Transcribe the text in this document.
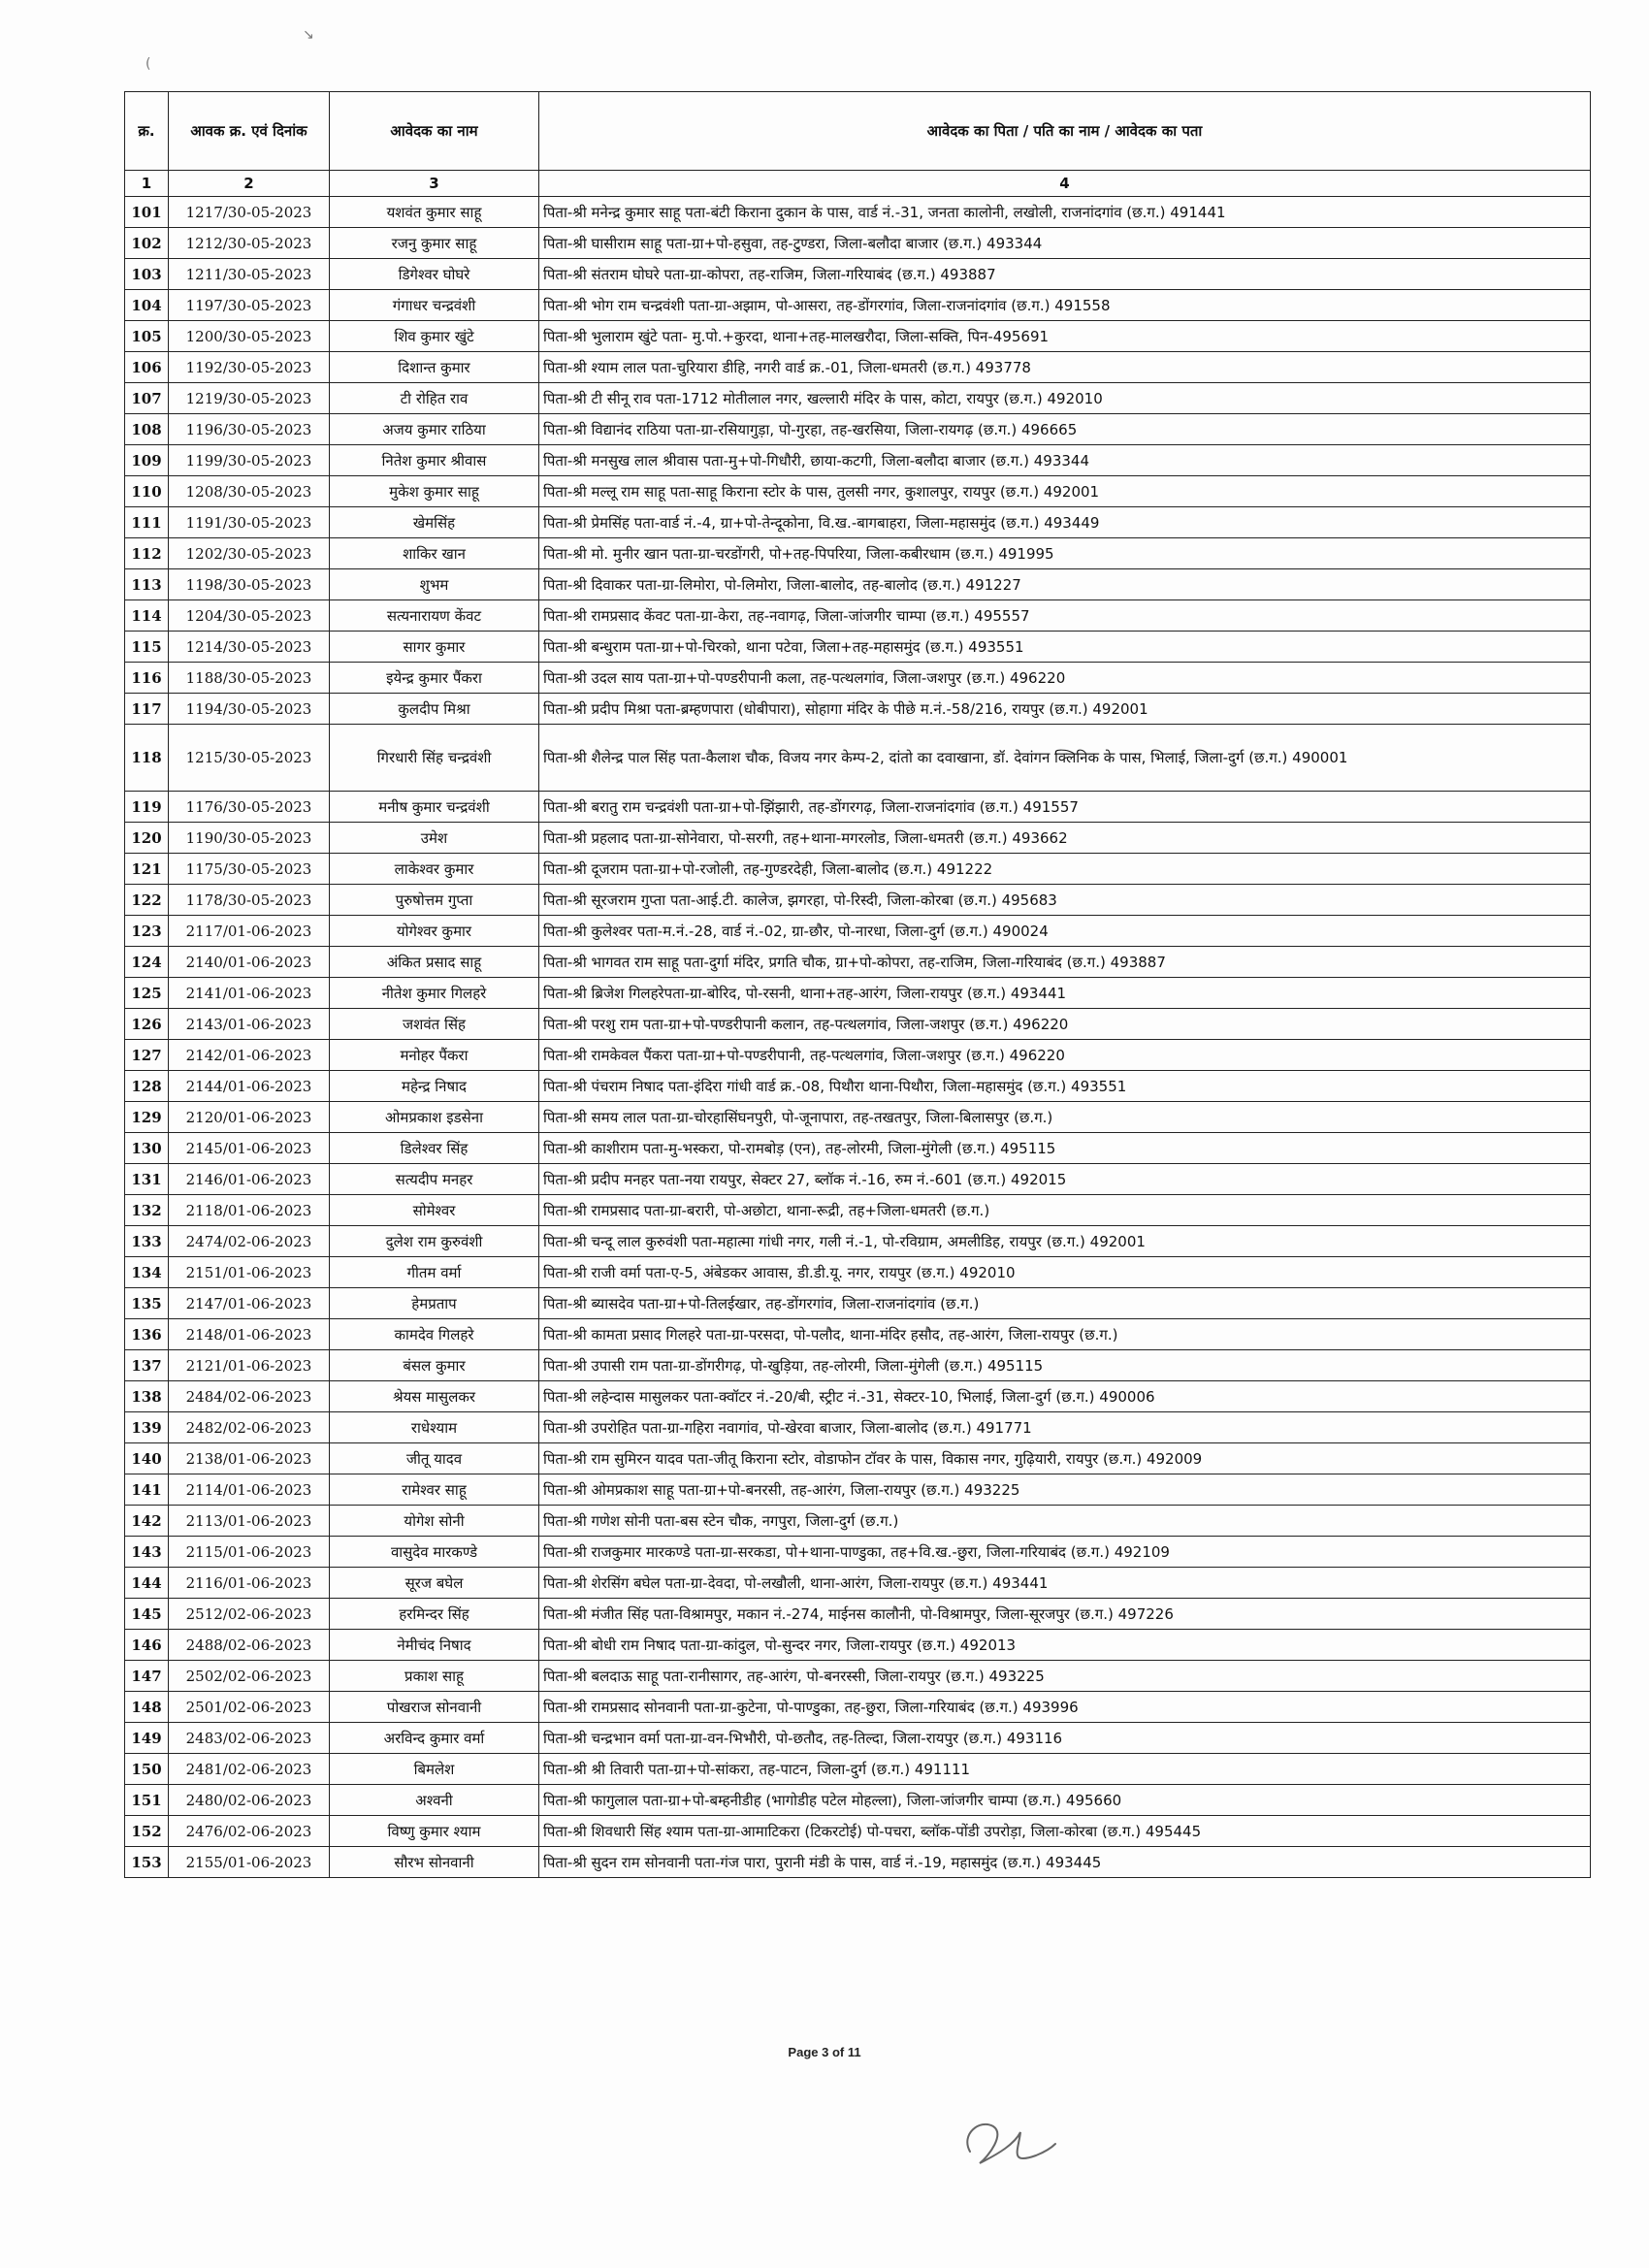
↘
(
क्र.	आवक क्र. एवं दिनांक	आवेदक का नाम	आवेदक का पिता / पति का नाम / आवेदक का पता
1	2	3	4
101	1217/30-05-2023	यशवंत कुमार साहू	पिता-श्री मनेन्द्र कुमार साहू पता-बंटी किराना दुकान के पास, वार्ड नं.-31, जनता कालोनी, लखोली, राजनांदगांव (छ.ग.) 491441
102	1212/30-05-2023	रजनु कुमार साहू	पिता-श्री घासीराम साहू पता-ग्रा+पो-हसुवा, तह-टुण्डरा, जिला-बलौदा बाजार (छ.ग.) 493344
103	1211/30-05-2023	डिगेश्वर घोघरे	पिता-श्री संतराम घोघरे पता-ग्रा-कोपरा, तह-राजिम, जिला-गरियाबंद (छ.ग.) 493887
104	1197/30-05-2023	गंगाधर चन्द्रवंशी	पिता-श्री भोग राम चन्द्रवंशी पता-ग्रा-अझाम, पो-आसरा, तह-डोंगरगांव, जिला-राजनांदगांव (छ.ग.) 491558
105	1200/30-05-2023	शिव कुमार खुंटे	पिता-श्री भुलाराम खुंटे पता- मु.पो.+कुरदा, थाना+तह-मालखरौदा, जिला-सक्ति, पिन-495691
106	1192/30-05-2023	दिशान्त कुमार	पिता-श्री श्याम लाल पता-चुरियारा डीहि, नगरी वार्ड क्र.-01, जिला-धमतरी (छ.ग.) 493778
107	1219/30-05-2023	टी रोहित राव	पिता-श्री टी सीनू राव पता-1712 मोतीलाल नगर, खल्लारी मंदिर के पास, कोटा, रायपुर (छ.ग.) 492010
108	1196/30-05-2023	अजय कुमार राठिया	पिता-श्री विद्यानंद राठिया पता-ग्रा-रसियागुड़ा, पो-गुरहा, तह-खरसिया, जिला-रायगढ़ (छ.ग.) 496665
109	1199/30-05-2023	नितेश कुमार श्रीवास	पिता-श्री मनसुख लाल श्रीवास पता-मु+पो-गिधौरी, छाया-कटगी, जिला-बलौदा बाजार (छ.ग.) 493344
110	1208/30-05-2023	मुकेश कुमार साहू	पिता-श्री मल्लू राम साहू पता-साहू किराना स्टोर के पास, तुलसी नगर, कुशालपुर, रायपुर (छ.ग.) 492001
111	1191/30-05-2023	खेमसिंह	पिता-श्री प्रेमसिंह पता-वार्ड नं.-4, ग्रा+पो-तेन्दूकोना, वि.ख.-बागबाहरा, जिला-महासमुंद (छ.ग.) 493449
112	1202/30-05-2023	शाकिर खान	पिता-श्री मो. मुनीर खान पता-ग्रा-चरडोंगरी, पो+तह-पिपरिया, जिला-कबीरधाम (छ.ग.) 491995
113	1198/30-05-2023	शुभम	पिता-श्री दिवाकर पता-ग्रा-लिमोरा, पो-लिमोरा, जिला-बालोद, तह-बालोद (छ.ग.) 491227
114	1204/30-05-2023	सत्यनारायण केंवट	पिता-श्री रामप्रसाद केंवट पता-ग्रा-केरा, तह-नवागढ़, जिला-जांजगीर चाम्पा (छ.ग.) 495557
115	1214/30-05-2023	सागर कुमार	पिता-श्री बन्धुराम पता-ग्रा+पो-चिरको, थाना पटेवा, जिला+तह-महासमुंद (छ.ग.) 493551
116	1188/30-05-2023	इयेन्द्र कुमार पैंकरा	पिता-श्री उदल साय पता-ग्रा+पो-पण्डरीपानी कला, तह-पत्थलगांव, जिला-जशपुर (छ.ग.) 496220
117	1194/30-05-2023	कुलदीप मिश्रा	पिता-श्री प्रदीप मिश्रा पता-ब्रम्हणपारा (धोबीपारा), सोहागा मंदिर के पीछे म.नं.-58/216, रायपुर (छ.ग.) 492001
118	1215/30-05-2023	गिरधारी सिंह चन्द्रवंशी	पिता-श्री शैलेन्द्र पाल सिंह पता-कैलाश चौक, विजय नगर केम्प-2, दांतो का दवाखाना, डॉ. देवांगन क्लिनिक के पास, भिलाई, जिला-दुर्ग (छ.ग.) 490001
119	1176/30-05-2023	मनीष कुमार चन्द्रवंशी	पिता-श्री बरातु राम चन्द्रवंशी पता-ग्रा+पो-झिंझारी, तह-डोंगरगढ़, जिला-राजनांदगांव (छ.ग.) 491557
120	1190/30-05-2023	उमेश	पिता-श्री प्रहलाद पता-ग्रा-सोनेवारा, पो-सरगी, तह+थाना-मगरलोड, जिला-धमतरी (छ.ग.) 493662
121	1175/30-05-2023	लाकेश्वर कुमार	पिता-श्री दूजराम पता-ग्रा+पो-रजोली, तह-गुण्डरदेही, जिला-बालोद (छ.ग.) 491222
122	1178/30-05-2023	पुरुषोत्तम गुप्ता	पिता-श्री सूरजराम गुप्ता पता-आई.टी. कालेज, झगरहा, पो-रिस्दी, जिला-कोरबा (छ.ग.) 495683
123	2117/01-06-2023	योगेश्वर कुमार	पिता-श्री कुलेश्वर पता-म.नं.-28, वार्ड नं.-02, ग्रा-छौर, पो-नारधा, जिला-दुर्ग (छ.ग.) 490024
124	2140/01-06-2023	अंकित प्रसाद साहू	पिता-श्री भागवत राम साहू पता-दुर्गा मंदिर, प्रगति चौक, ग्रा+पो-कोपरा, तह-राजिम, जिला-गरियाबंद (छ.ग.) 493887
125	2141/01-06-2023	नीतेश कुमार गिलहरे	पिता-श्री ब्रिजेश गिलहरेपता-ग्रा-बोरिद, पो-रसनी, थाना+तह-आरंग, जिला-रायपुर (छ.ग.) 493441
126	2143/01-06-2023	जशवंत सिंह	पिता-श्री परशु राम पता-ग्रा+पो-पण्डरीपानी कलान, तह-पत्थलगांव, जिला-जशपुर (छ.ग.) 496220
127	2142/01-06-2023	मनोहर पैंकरा	पिता-श्री रामकेवल पैंकरा पता-ग्रा+पो-पण्डरीपानी, तह-पत्थलगांव, जिला-जशपुर (छ.ग.) 496220
128	2144/01-06-2023	महेन्द्र निषाद	पिता-श्री पंचराम निषाद पता-इंदिरा गांधी वार्ड क्र.-08, पिथौरा थाना-पिथौरा, जिला-महासमुंद (छ.ग.) 493551
129	2120/01-06-2023	ओमप्रकाश इडसेना	पिता-श्री समय लाल पता-ग्रा-चोरहासिंघनपुरी, पो-जूनापारा, तह-तखतपुर, जिला-बिलासपुर (छ.ग.)
130	2145/01-06-2023	डिलेश्वर सिंह	पिता-श्री काशीराम पता-मु-भस्करा, पो-रामबोड़ (एन), तह-लोरमी, जिला-मुंगेली (छ.ग.) 495115
131	2146/01-06-2023	सत्यदीप मनहर	पिता-श्री प्रदीप मनहर पता-नया रायपुर, सेक्टर 27, ब्लॉक नं.-16, रुम नं.-601 (छ.ग.) 492015
132	2118/01-06-2023	सोमेश्वर	पिता-श्री रामप्रसाद पता-ग्रा-बरारी, पो-अछोटा, थाना-रूद्री, तह+जिला-धमतरी (छ.ग.)
133	2474/02-06-2023	दुलेश राम कुरुवंशी	पिता-श्री चन्दू लाल कुरुवंशी पता-महात्मा गांधी नगर, गली नं.-1, पो-रविग्राम, अमलीडिह, रायपुर (छ.ग.) 492001
134	2151/01-06-2023	गीतम वर्मा	पिता-श्री राजी वर्मा पता-ए-5, अंबेडकर आवास, डी.डी.यू. नगर, रायपुर (छ.ग.) 492010
135	2147/01-06-2023	हेमप्रताप	पिता-श्री ब्यासदेव पता-ग्रा+पो-तिलईखार, तह-डोंगरगांव, जिला-राजनांदगांव (छ.ग.)
136	2148/01-06-2023	कामदेव गिलहरे	पिता-श्री कामता प्रसाद गिलहरे पता-ग्रा-परसदा, पो-पलौद, थाना-मंदिर हसौद, तह-आरंग, जिला-रायपुर (छ.ग.)
137	2121/01-06-2023	बंसल कुमार	पिता-श्री उपासी राम पता-ग्रा-डोंगरीगढ़, पो-खुड़िया, तह-लोरमी, जिला-मुंगेली (छ.ग.) 495115
138	2484/02-06-2023	श्रेयस मासुलकर	पिता-श्री लहेन्दास मासुलकर पता-क्वॉटर नं.-20/बी, स्ट्रीट नं.-31, सेक्टर-10, भिलाई, जिला-दुर्ग (छ.ग.) 490006
139	2482/02-06-2023	राधेश्याम	पिता-श्री उपरोहित पता-ग्रा-गहिरा नवागांव, पो-खेरवा बाजार, जिला-बालोद (छ.ग.) 491771
140	2138/01-06-2023	जीतू यादव	पिता-श्री राम सुमिरन यादव पता-जीतू किराना स्टोर, वोडाफोन टॉवर के पास, विकास नगर, गुढ़ियारी, रायपुर (छ.ग.) 492009
141	2114/01-06-2023	रामेश्वर साहू	पिता-श्री ओमप्रकाश साहू पता-ग्रा+पो-बनरसी, तह-आरंग, जिला-रायपुर (छ.ग.) 493225
142	2113/01-06-2023	योगेश सोनी	पिता-श्री गणेश सोनी पता-बस स्टेन चौक, नगपुरा, जिला-दुर्ग (छ.ग.)
143	2115/01-06-2023	वासुदेव मारकण्डे	पिता-श्री राजकुमार मारकण्डे पता-ग्रा-सरकडा, पो+थाना-पाण्डुका, तह+वि.ख.-छुरा, जिला-गरियाबंद (छ.ग.) 492109
144	2116/01-06-2023	सूरज बघेल	पिता-श्री शेरसिंग बघेल पता-ग्रा-देवदा, पो-लखौली, थाना-आरंग, जिला-रायपुर (छ.ग.) 493441
145	2512/02-06-2023	हरमिन्दर सिंह	पिता-श्री मंजीत सिंह पता-विश्रामपुर, मकान नं.-274, माईनस कालौनी, पो-विश्रामपुर, जिला-सूरजपुर (छ.ग.) 497226
146	2488/02-06-2023	नेमीचंद निषाद	पिता-श्री बोधी राम निषाद पता-ग्रा-कांदुल, पो-सुन्दर नगर, जिला-रायपुर (छ.ग.) 492013
147	2502/02-06-2023	प्रकाश साहू	पिता-श्री बलदाऊ साहू पता-रानीसागर, तह-आरंग, पो-बनरस्सी, जिला-रायपुर (छ.ग.) 493225
148	2501/02-06-2023	पोखराज सोनवानी	पिता-श्री रामप्रसाद सोनवानी पता-ग्रा-कुटेना, पो-पाण्डुका, तह-छुरा, जिला-गरियाबंद (छ.ग.) 493996
149	2483/02-06-2023	अरविन्द कुमार वर्मा	पिता-श्री चन्द्रभान वर्मा पता-ग्रा-वन-भिभौरी, पो-छतौद, तह-तिल्दा, जिला-रायपुर (छ.ग.) 493116
150	2481/02-06-2023	बिमलेश	पिता-श्री श्री तिवारी पता-ग्रा+पो-सांकरा, तह-पाटन, जिला-दुर्ग (छ.ग.) 491111
151	2480/02-06-2023	अश्वनी	पिता-श्री फागुलाल पता-ग्रा+पो-बम्हनीडीह (भागोडीह पटेल मोहल्ला), जिला-जांजगीर चाम्पा (छ.ग.) 495660
152	2476/02-06-2023	विष्णु कुमार श्याम	पिता-श्री शिवधारी सिंह श्याम पता-ग्रा-आमाटिकरा (टिकरटोई) पो-पचरा, ब्लॉक-पोंडी उपरोड़ा, जिला-कोरबा (छ.ग.) 495445
153	2155/01-06-2023	सौरभ सोनवानी	पिता-श्री सुदन राम सोनवानी पता-गंज पारा, पुरानी मंडी के पास, वार्ड नं.-19, महासमुंद (छ.ग.) 493445
Page 3 of 11
